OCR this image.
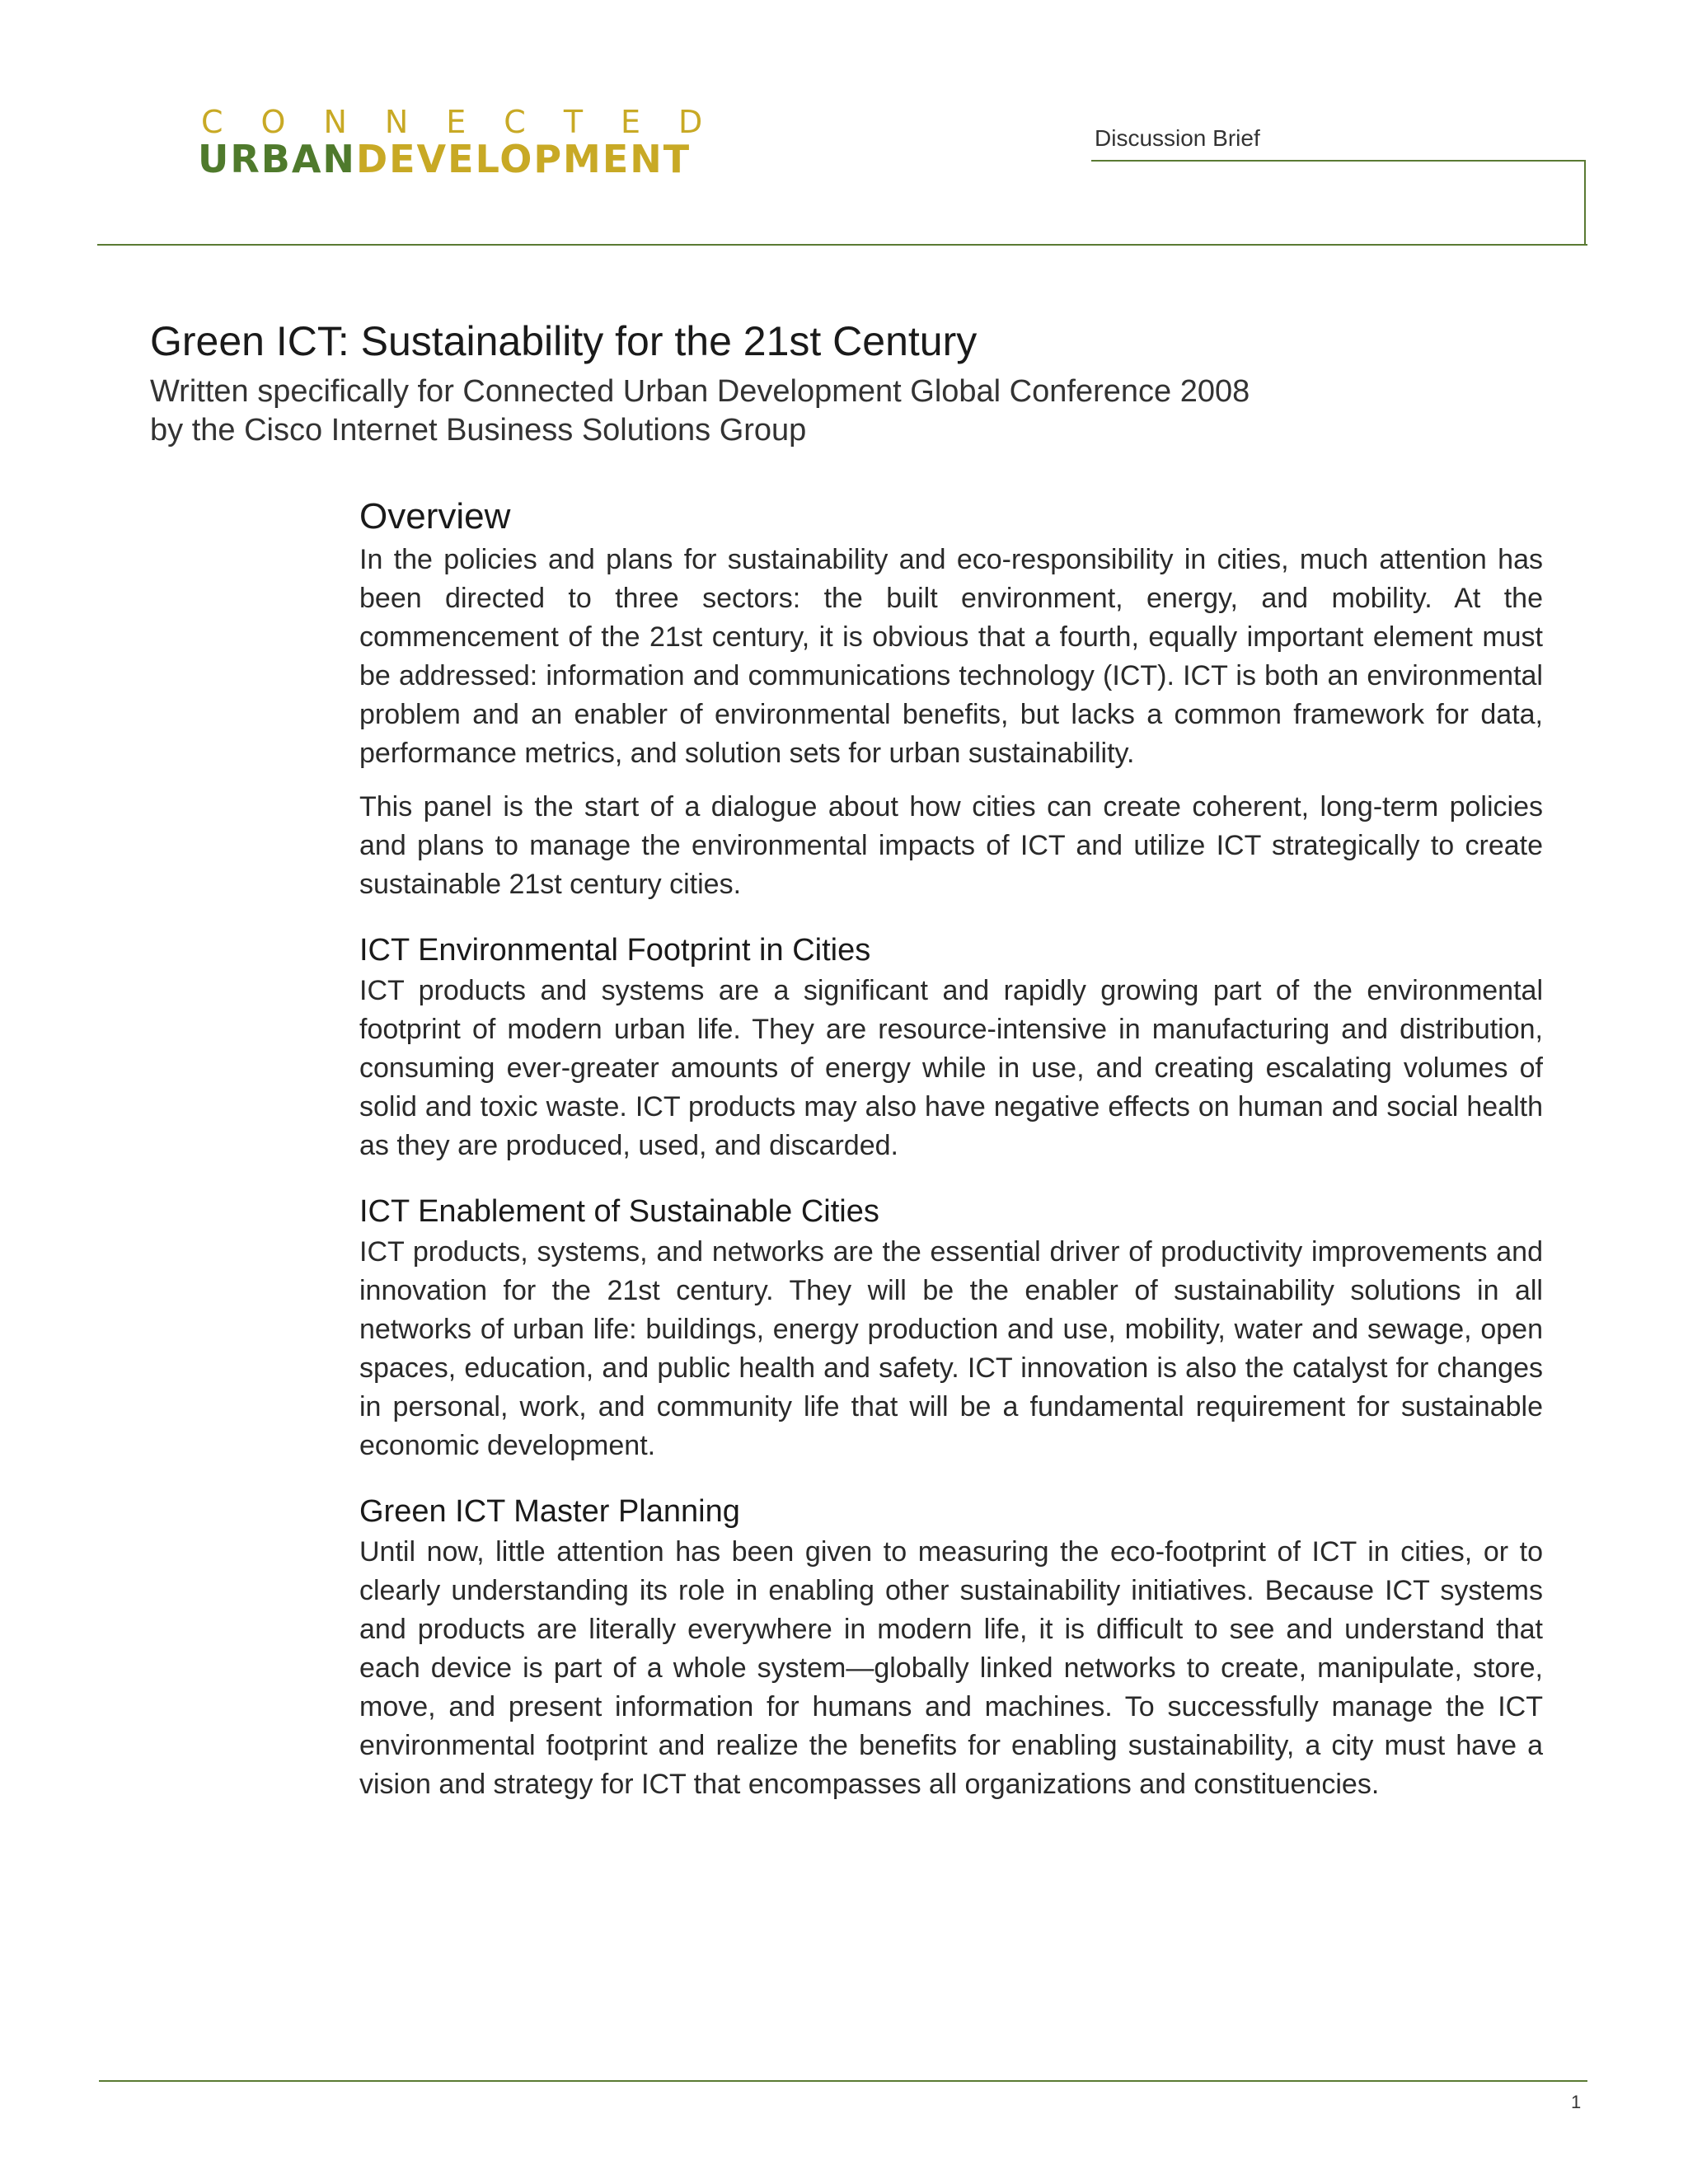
CONNECTED
URBANDEVELOPMENT	Discussion Brief
Green ICT: Sustainability for the 21st Century
Written specifically for Connected Urban Development Global Conference 2008
by the Cisco Internet Business Solutions Group
Overview

In the policies and plans for sustainability and eco-responsibility in cities, much attention has been directed to three sectors: the built environment, energy, and mobility. At the commencement of the 21st century, it is obvious that a fourth, equally important element must be addressed: information and communications technology (ICT). ICT is both an environmental problem and an enabler of environmental benefits, but lacks a common framework for data, performance metrics, and solution sets for urban sustainability.

This panel is the start of a dialogue about how cities can create coherent, long-term policies and plans to manage the environmental impacts of ICT and utilize ICT strategically to create sustainable 21st century cities.

ICT Environmental Footprint in Cities

ICT products and systems are a significant and rapidly growing part of the environmental footprint of modern urban life. They are resource-intensive in manufacturing and distribution, consuming ever-greater amounts of energy while in use, and creating escalating volumes of solid and toxic waste. ICT products may also have negative effects on human and social health as they are produced, used, and discarded.

ICT Enablement of Sustainable Cities

ICT products, systems, and networks are the essential driver of productivity improvements and innovation for the 21st century. They will be the enabler of sustainability solutions in all networks of urban life: buildings, energy production and use, mobility, water and sewage, open spaces, education, and public health and safety. ICT innovation is also the catalyst for changes in personal, work, and community life that will be a fundamental requirement for sustainable economic development.

Green ICT Master Planning

Until now, little attention has been given to measuring the eco-footprint of ICT in cities, or to clearly understanding its role in enabling other sustainability initiatives. Because ICT systems and products are literally everywhere in modern life, it is difficult to see and understand that each device is part of a whole system—globally linked networks to create, manipulate, store, move, and present information for humans and machines. To successfully manage the ICT environmental footprint and realize the benefits for enabling sustainability, a city must have a vision and strategy for ICT that encompasses all organizations and constituencies.

1
